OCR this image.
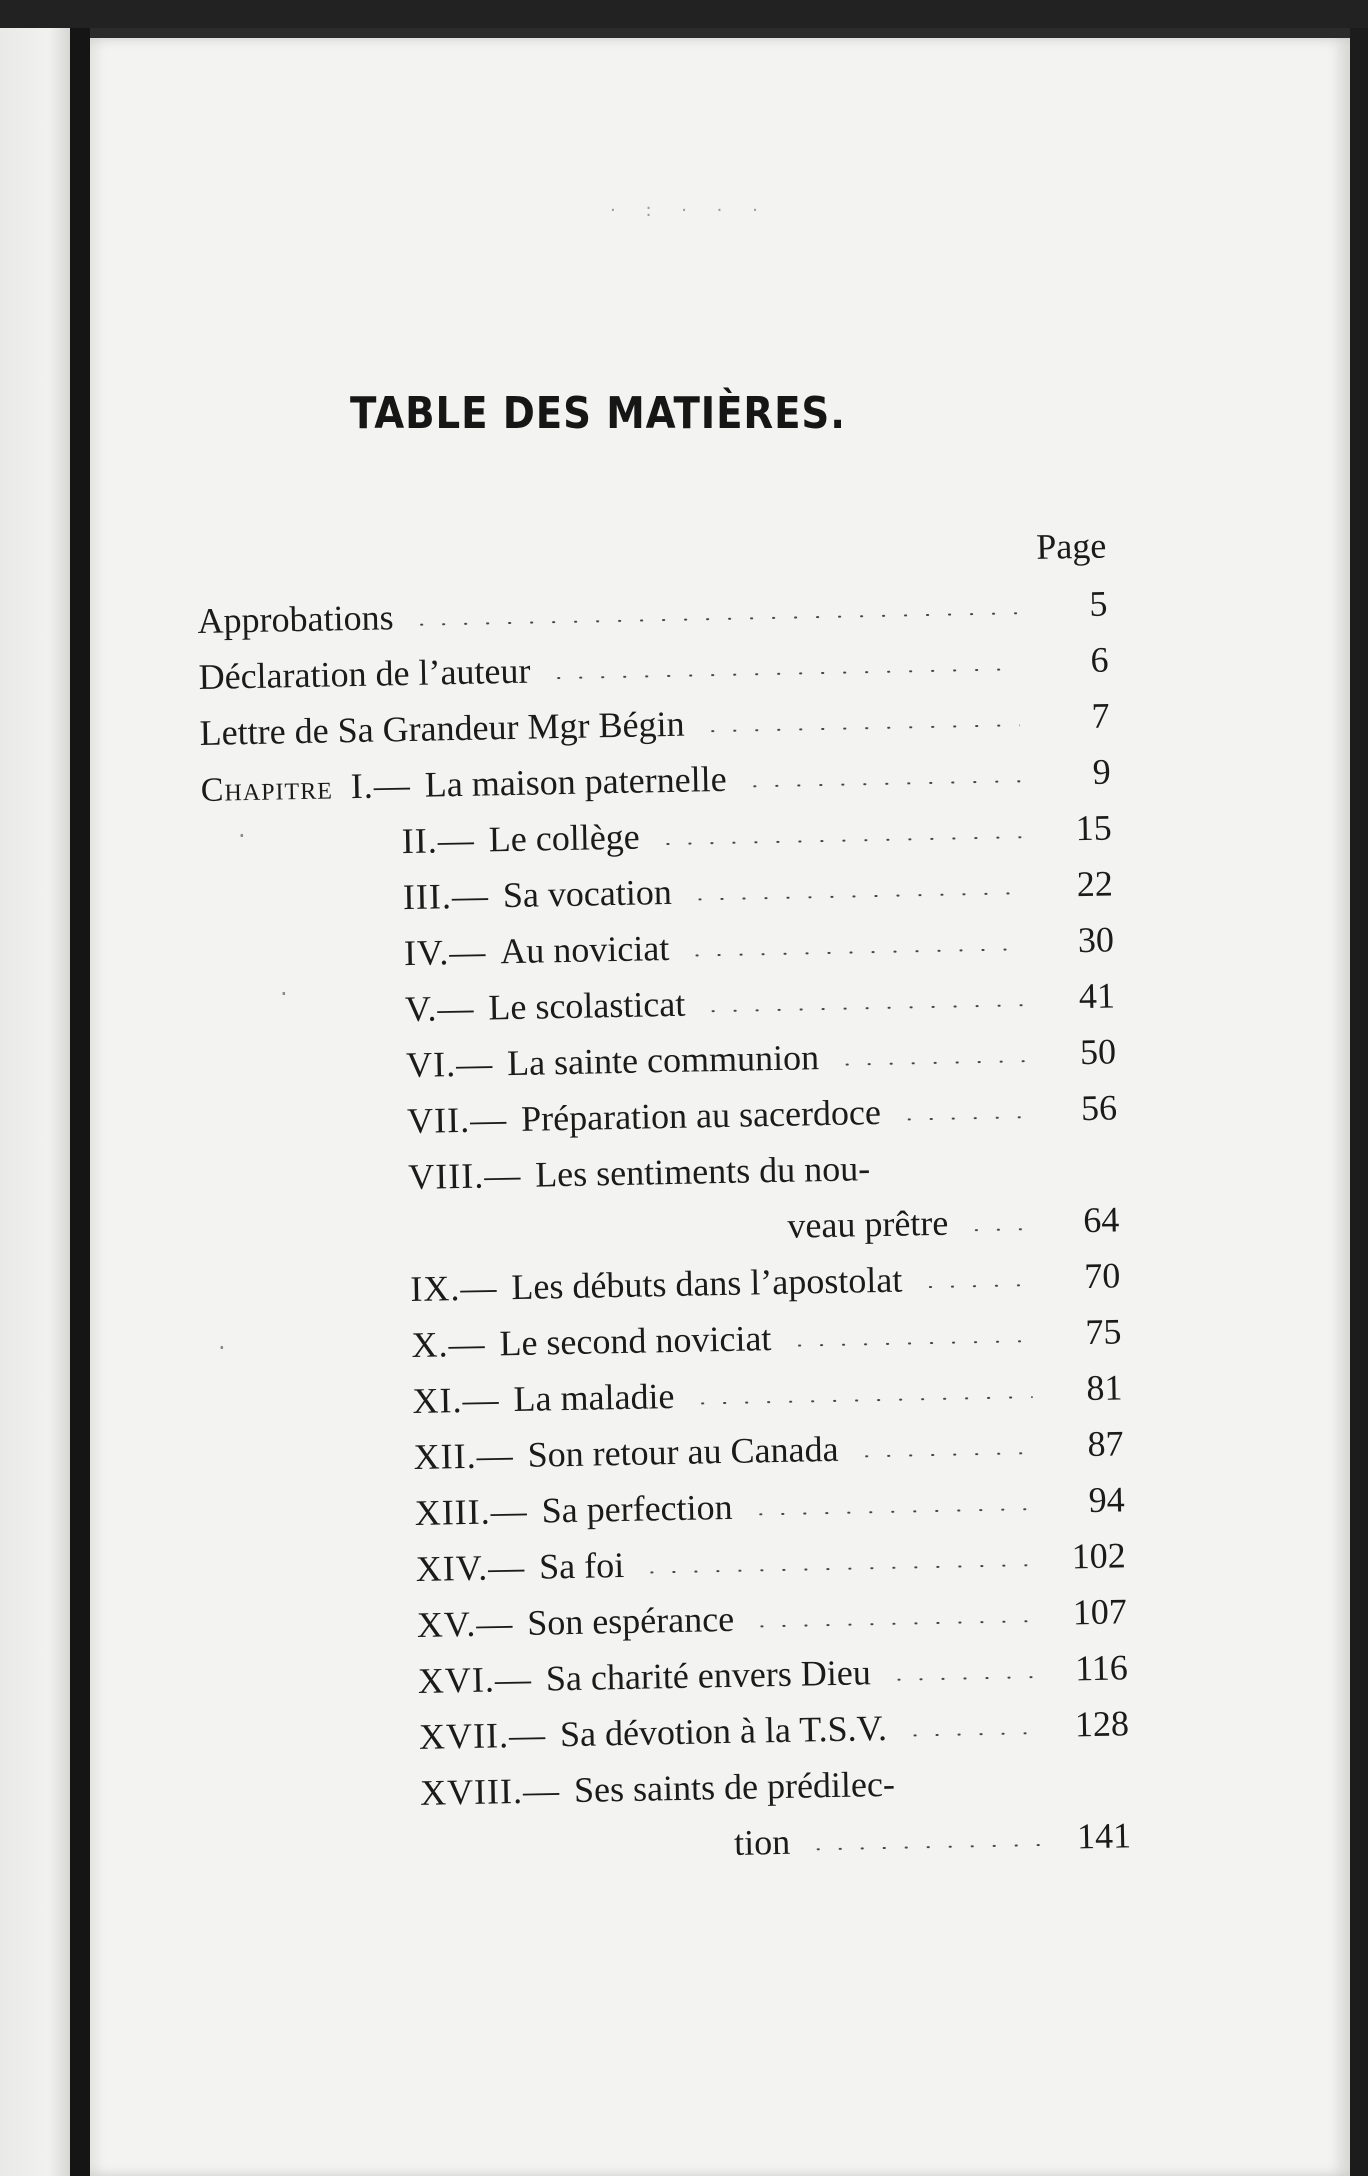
· : · · ·
TABLE DES MATIÈRES.
Page
Approbations	5
Déclaration de l’auteur	6
Lettre de Sa Grandeur Mgr Bégin	7
Chapitre I.— La maison paternelle	9
II.— Le collège	15
III.— Sa vocation	22
IV.— Au noviciat	30
V.— Le scolasticat	41
VI.— La sainte communion	50
VII.— Préparation au sacerdoce	56
VIII.— Les sentiments du nou-
veau prêtre	64
IX.— Les débuts dans l’apostolat	70
X.— Le second noviciat	75
XI.— La maladie	81
XII.— Son retour au Canada	87
XIII.— Sa perfection	94
XIV.— Sa foi	102
XV.— Son espérance	107
XVI.— Sa charité envers Dieu	116
XVII.— Sa dévotion à la T.S.V.	128
XVIII.— Ses saints de prédilec-
tion	141
·
·
·
